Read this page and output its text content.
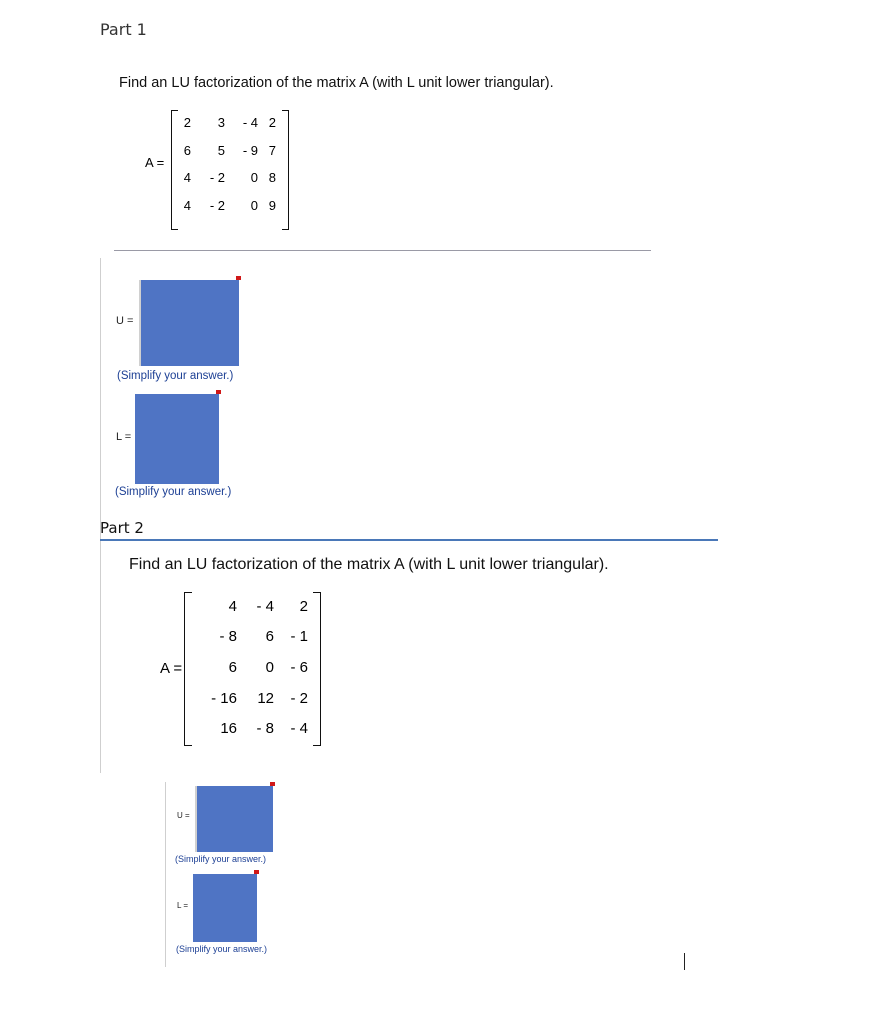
Part 1
Find an LU factorization of the matrix A (with L unit lower triangular).
A =
2	3	- 4 2
6	5	- 9 7
4	- 2	0 8
4	- 2	0 9
U =
(Simplify your answer.)
L =
(Simplify your answer.)
Part 2
Find an LU factorization of the matrix A (with L unit lower triangular).
A =
4	- 4	2
- 8	6	- 1
6	0	- 6
- 16	12	- 2
16	- 8	- 4
U =
(Simplify your answer.)
L =
(Simplify your answer.)
